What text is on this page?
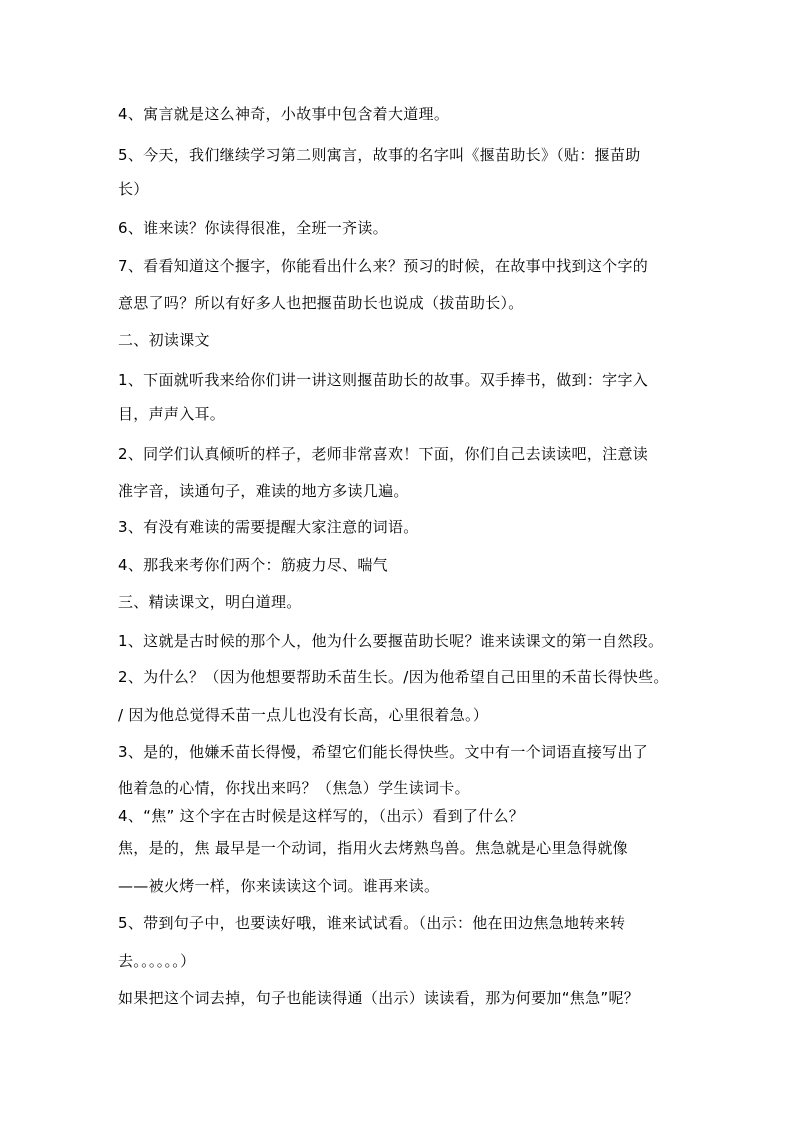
4、寓言就是这么神奇，小故事中包含着大道理。
5、今天，我们继续学习第二则寓言，故事的名字叫《揠苗助长》（贴：揠苗助
长）
6、谁来读？你读得很准，全班一齐读。
7、看看知道这个揠字，你能看出什么来？预习的时候，在故事中找到这个字的
意思了吗？所以有好多人也把揠苗助长也说成（拔苗助长）。
二、初读课文
1、下面就听我来给你们讲一讲这则揠苗助长的故事。双手捧书，做到：字字入
目，声声入耳。
2、同学们认真倾听的样子，老师非常喜欢！下面，你们自己去读读吧，注意读
准字音，读通句子，难读的地方多读几遍。
3、有没有难读的需要提醒大家注意的词语。
4、那我来考你们两个：筋疲力尽、喘气
三、精读课文，明白道理。
1、这就是古时候的那个人，他为什么要揠苗助长呢？谁来读课文的第一自然段。
2、为什么？（因为他想要帮助禾苗生长。/因为他希望自己田里的禾苗长得快些。
/ 因为他总觉得禾苗一点儿也没有长高，心里很着急。）
3、是的，他嫌禾苗长得慢，希望它们能长得快些。文中有一个词语直接写出了
他着急的心情，你找出来吗？（焦急）学生读词卡。
4、“焦” 这个字在古时候是这样写的，（出示）看到了什么？
焦，是的，焦 最早是一个动词，指用火去烤熟鸟兽。焦急就是心里急得就像
——被火烤一样，你来读读这个词。谁再来读。
5、带到句子中，也要读好哦，谁来试试看。（出示：他在田边焦急地转来转
去。。。。。。）
如果把这个词去掉，句子也能读得通（出示）读读看，那为何要加“焦急”呢？
